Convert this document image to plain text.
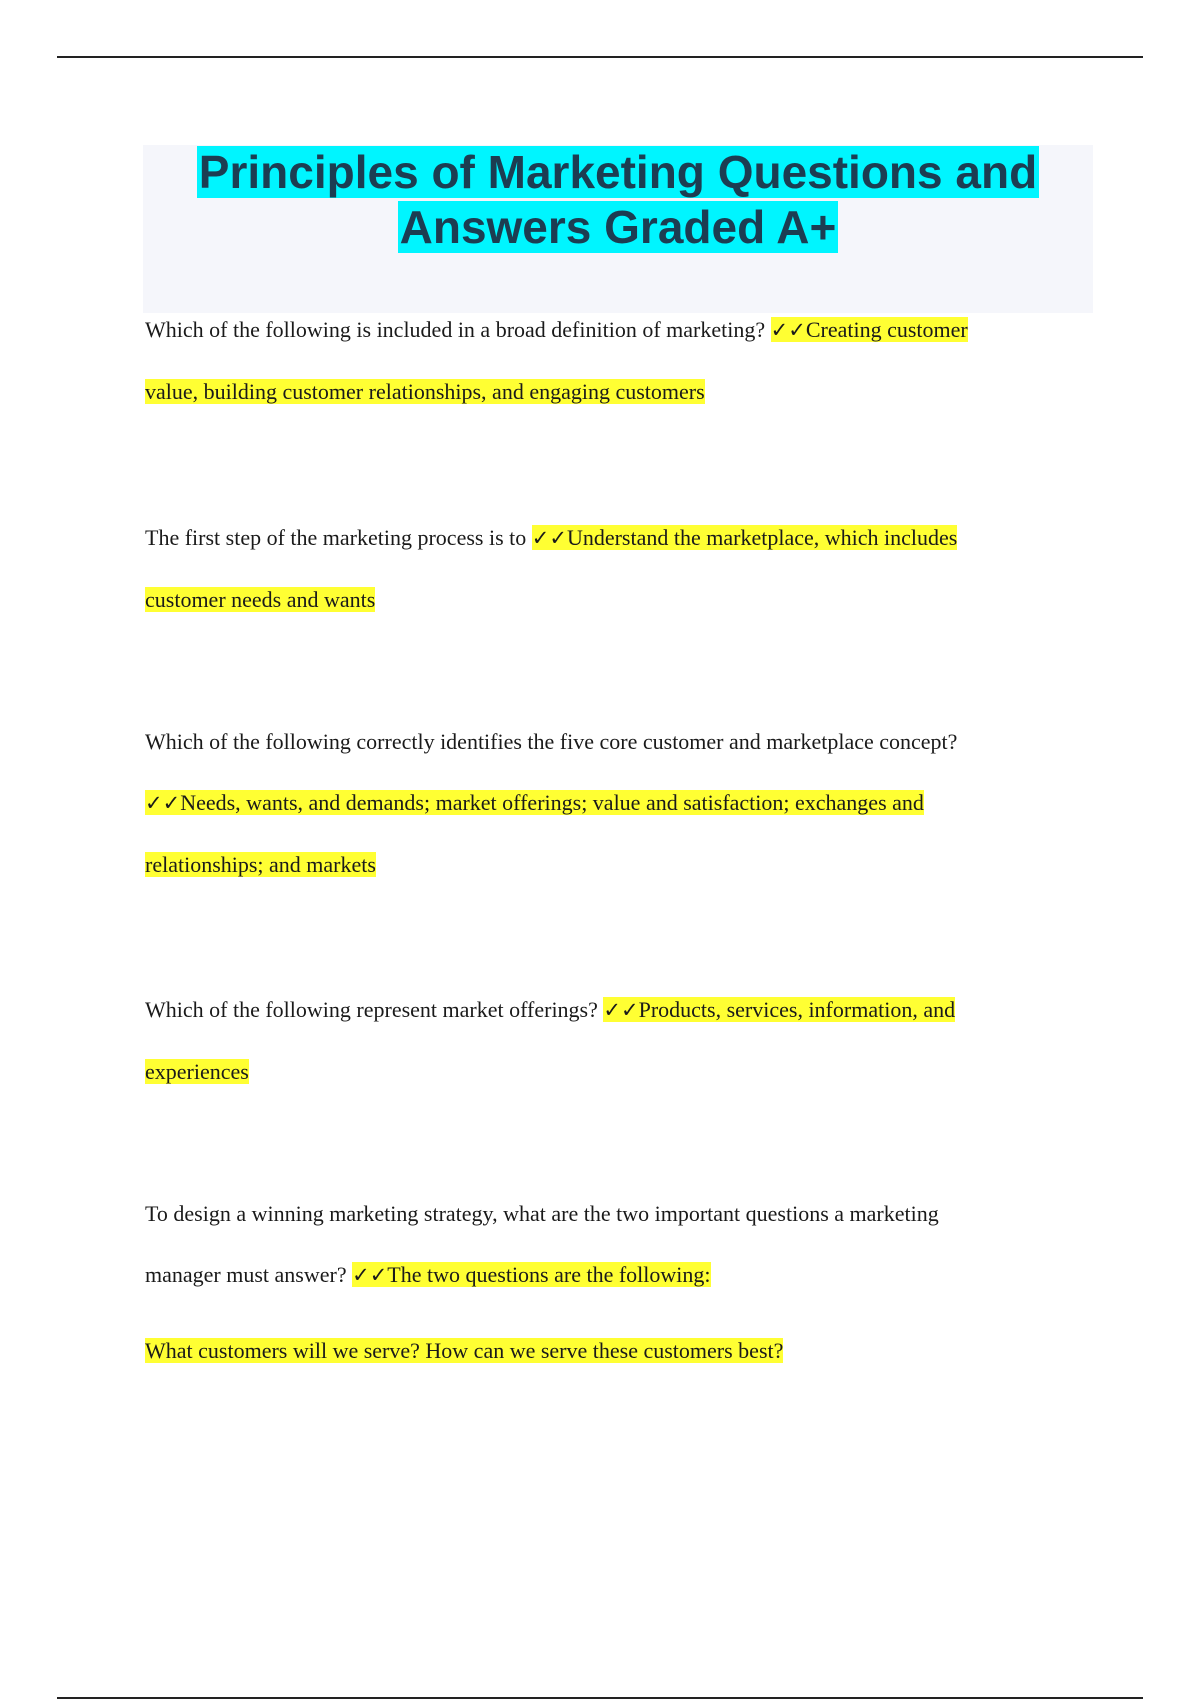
Principles of Marketing Questions and
Answers Graded A+
Which of the following is included in a broad definition of marketing? ✓✓Creating customer
value, building customer relationships, and engaging customers
The first step of the marketing process is to ✓✓Understand the marketplace, which includes
customer needs and wants
Which of the following correctly identifies the five core customer and marketplace concept?
✓✓Needs, wants, and demands; market offerings; value and satisfaction; exchanges and
relationships; and markets
Which of the following represent market offerings? ✓✓Products, services, information, and
experiences
To design a winning marketing strategy, what are the two important questions a marketing
manager must answer? ✓✓The two questions are the following:
What customers will we serve? How can we serve these customers best?
